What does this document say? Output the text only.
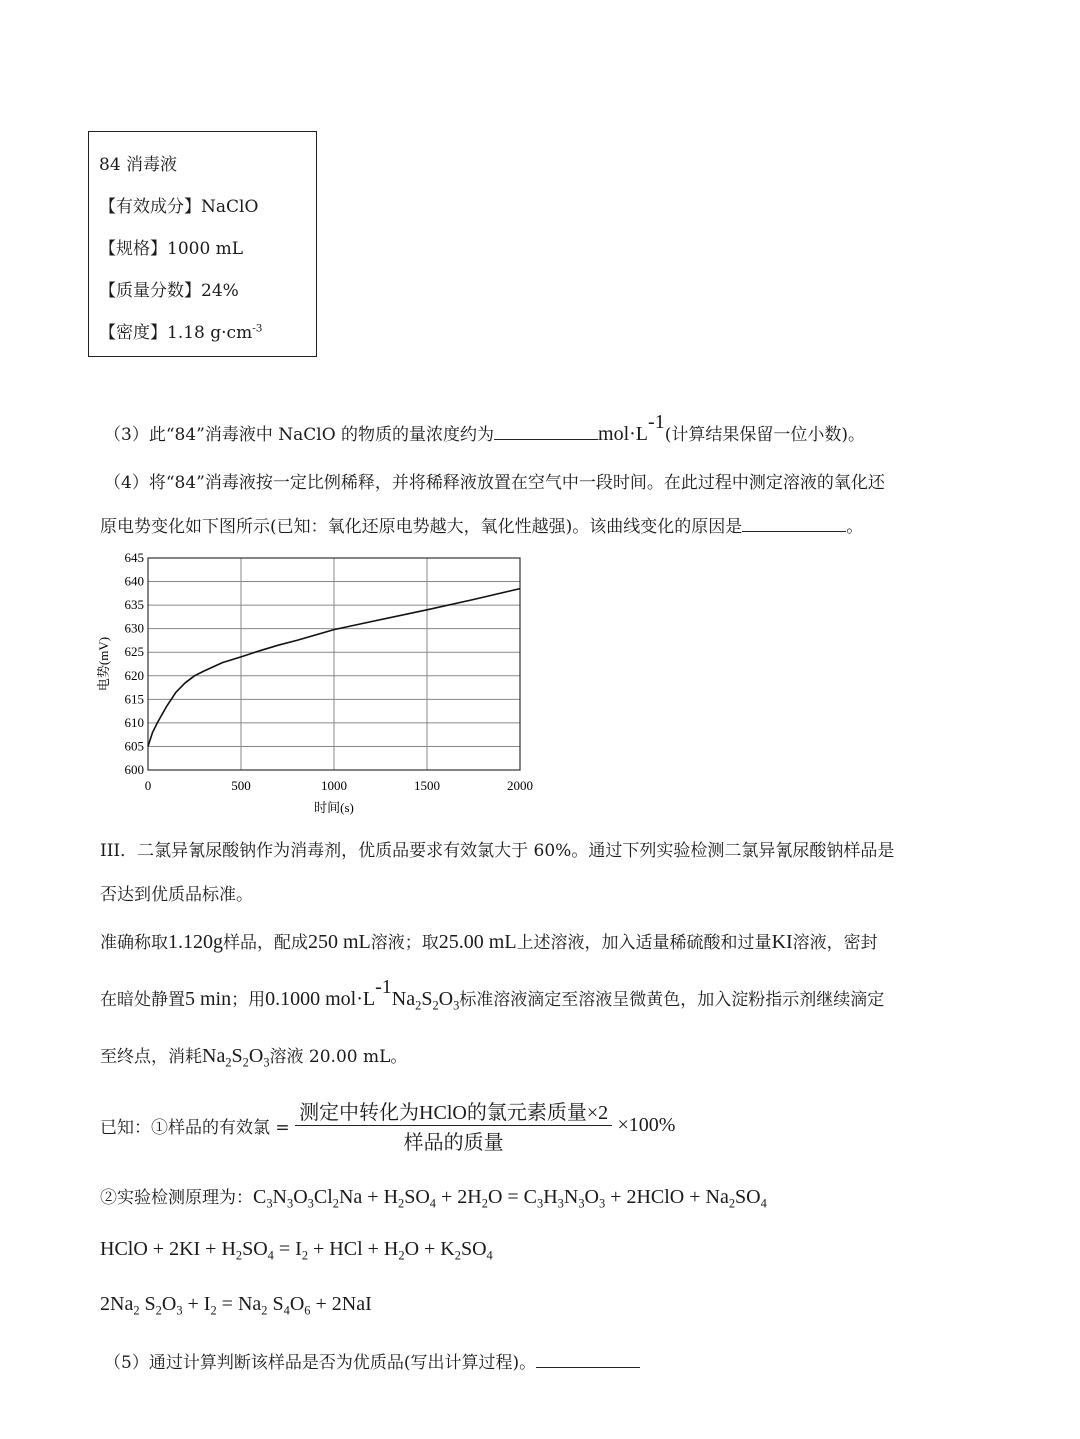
84 消毒液
【有效成分】NaClO
【规格】1000 mL
【质量分数】24%
【密度】1.18 $g\cdot cm^{-3}$
（3）此“84”消毒液中 NaClO 的物质的量浓度约为	$mol\cdot L^{-1}$(计算结果保留一位小数)。
（4）将“84”消毒液按一定比例稀释，并将稀释液放置在空气中一段时间。在此过程中测定溶液的氧化还
原电势变化如下图所示(已知：氧化还原电势越大，氧化性越强)。该曲线变化的原因是	。
0	500	1000	1500	2000
600
605
610
615
620
625
630
635
640
645
时间(s)
电势(mV)
III．二氯异氰尿酸钠作为消毒剂，优质品要求有效氯大于 60%。通过下列实验检测二氯异氰尿酸钠样品是
否达到优质品标准。
准确称取1.120g样品，配成250 mL溶液；取25.00 mL上述溶液，加入适量稀硫酸和过量KI溶液，密封
在暗处静置5 min；用0.1000 $mol\cdot L^{-1}Na_2S_2O_3$标准溶液滴定至溶液呈微黄色，加入淀粉指示剂继续滴定
至终点，消耗$Na_2S_2O_3$溶液 20.00 mL。
已知：①样品的有效氯 = $\frac{\text{测定中转化为HClO的氯元素质量×2}}{\text{样品的质量}} \times 100\%$
②实验检测原理为：$C_3N_3O_3Cl_2Na + H_2SO_4 + 2H_2O = C_3H_3N_3O_3$ + 2HClO + $Na_2SO_4$
HClO + $2KI + H_2SO_4 = I_2$ + HCl + $H_2O + K_2SO_4$
$2Na_2$ $S_2O_3 + I_2 = Na_2$ $S_4O_6 + 2NaI$
（5）通过计算判断该样品是否为优质品(写出计算过程)。
